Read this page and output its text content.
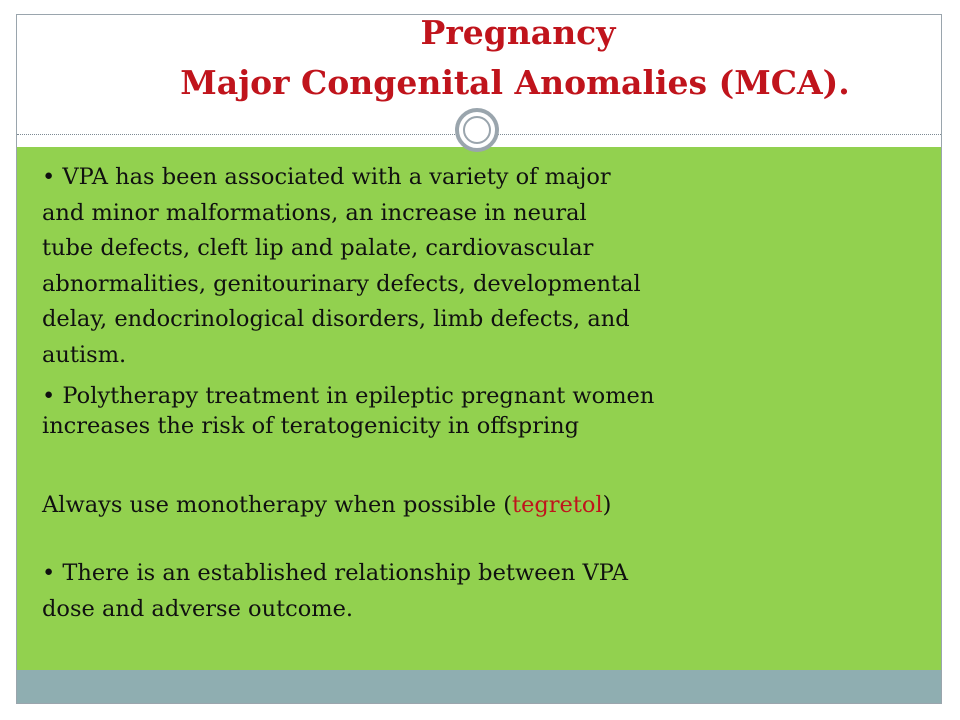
Pregnancy
Major Congenital Anomalies (MCA).

• VPA has been associated with a variety of major
and minor malformations, an increase in neural
tube defects, cleft lip and palate, cardiovascular
abnormalities, genitourinary defects, developmental
delay, endocrinological disorders, limb defects, and
autism.

• Polytherapy treatment in epileptic pregnant women
increases the risk of teratogenicity in offspring

Always use monotherapy when possible (tegretol)

• There is an established relationship between VPA
dose and adverse outcome.
